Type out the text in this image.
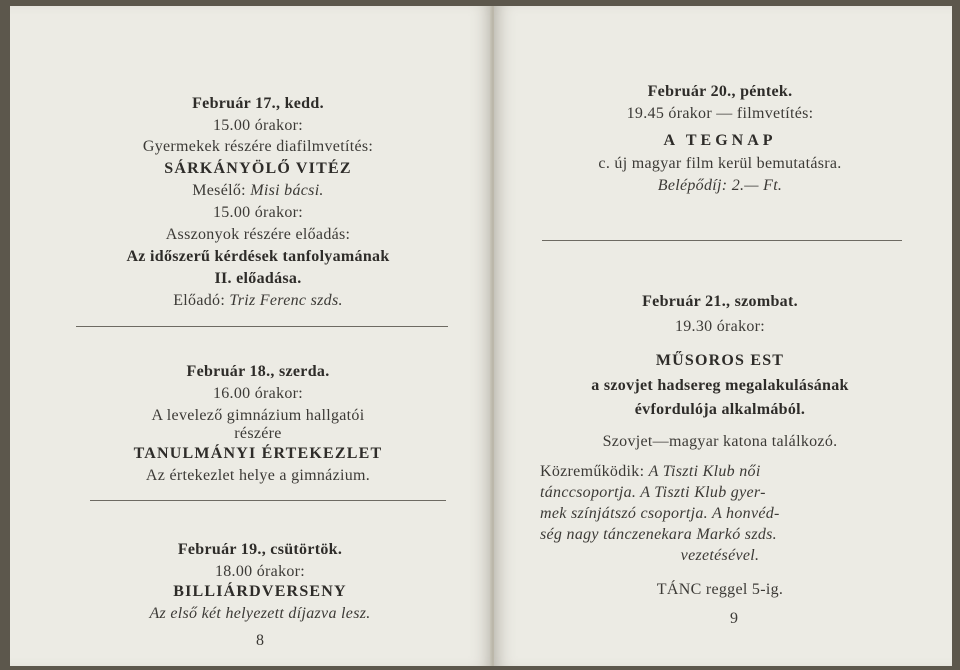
Február 17., kedd.
15.00 órakor:
Gyermekek részére diafilmvetítés:
SÁRKÁNYÖLŐ VITÉZ
Mesélő: Misi bácsi.
15.00 órakor:
Asszonyok részére előadás:
Az időszerű kérdések tanfolyamának
II. előadása.
Előadó: Triz Ferenc szds.
Február 18., szerda.
16.00 órakor:
A levelező gimnázium hallgatói
részére
TANULMÁNYI ÉRTEKEZLET
Az értekezlet helye a gimnázium.
Február 19., csütörtök.
18.00 órakor:
BILLIÁRDVERSENY
Az első két helyezett díjazva lesz.
8
Február 20., péntek.
19.45 órakor — filmvetítés:
A TEGNAP
c. új magyar film kerül bemutatásra.
Belépődíj: 2.— Ft.
Február 21., szombat.
19.30 órakor:
MŰSOROS EST
a szovjet hadsereg megalakulásának
évfordulója alkalmából.
Szovjet—magyar katona találkozó.
Közreműködik: A Tiszti Klub női
tánccsoportja. A Tiszti Klub gyer-
mek színjátszó csoportja. A honvéd-
ség nagy tánczenekara Markó szds.
vezetésével.
TÁNC reggel 5-ig.
9
